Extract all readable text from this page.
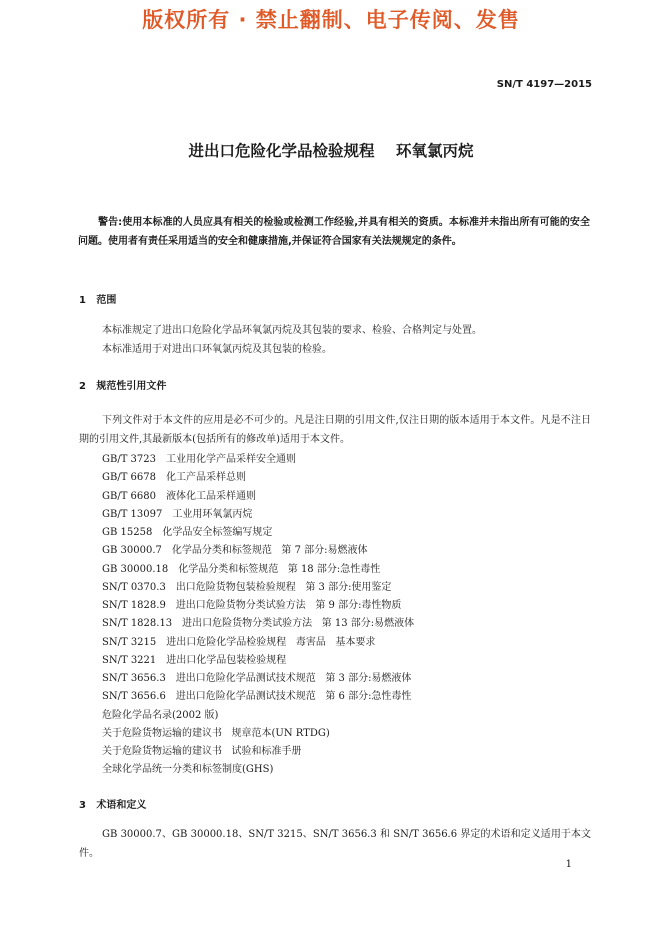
版权所有 · 禁止翻制、电子传阅、发售
SN/T 4197—2015
进出口危险化学品检验规程    环氧氯丙烷
警告:使用本标准的人员应具有相关的检验或检测工作经验,并具有相关的资质。本标准并未指出所有可能的安全问题。使用者有责任采用适当的安全和健康措施,并保证符合国家有关法规规定的条件。
1   范围
本标准规定了进出口危险化学品环氧氯丙烷及其包装的要求、检验、合格判定与处置。
本标准适用于对进出口环氧氯丙烷及其包装的检验。
2   规范性引用文件
下列文件对于本文件的应用是必不可少的。凡是注日期的引用文件,仅注日期的版本适用于本文件。凡是不注日期的引用文件,其最新版本(包括所有的修改单)适用于本文件。
GB/T 3723 工业用化学产品采样安全通则
GB/T 6678 化工产品采样总则
GB/T 6680 液体化工品采样通则
GB/T 13097 工业用环氧氯丙烷
GB 15258 化学品安全标签编写规定
GB 30000.7 化学品分类和标签规范   第 7 部分:易燃液体
GB 30000.18 化学品分类和标签规范   第 18 部分:急性毒性
SN/T 0370.3 出口危险货物包装检验规程   第 3 部分:使用鉴定
SN/T 1828.9 进出口危险货物分类试验方法   第 9 部分:毒性物质
SN/T 1828.13 进出口危险货物分类试验方法   第 13 部分:易燃液体
SN/T 3215 进出口危险化学品检验规程   毒害品   基本要求
SN/T 3221 进出口化学品包装检验规程
SN/T 3656.3 进出口危险化学品测试技术规范   第 3 部分:易燃液体
SN/T 3656.6 进出口危险化学品测试技术规范   第 6 部分:急性毒性
危险化学品名录(2002 版)
关于危险货物运输的建议书   规章范本(UN RTDG)
关于危险货物运输的建议书   试验和标准手册
全球化学品统一分类和标签制度(GHS)
3   术语和定义
GB 30000.7、GB 30000.18、SN/T 3215、SN/T 3656.3 和 SN/T 3656.6 界定的术语和定义适用于本文件。
1
